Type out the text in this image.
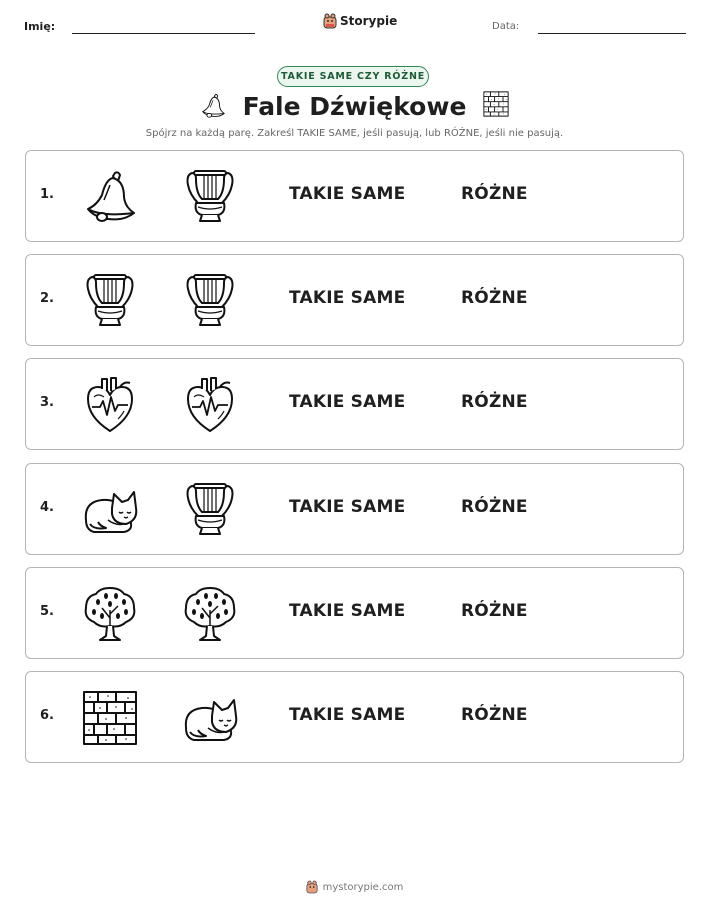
Imię:	Storypie	Data:
TAKIE SAME CZY RÓŻNE
Fale Dźwiękowe
Spójrz na każdą parę. Zakreśl TAKIE SAME, jeśli pasują, lub RÓŻNE, jeśli nie pasują.
1.	TAKIE SAME	RÓŻNE
2.	TAKIE SAME	RÓŻNE
3.	TAKIE SAME	RÓŻNE
4.	TAKIE SAME	RÓŻNE
5.	TAKIE SAME	RÓŻNE
6.	TAKIE SAME	RÓŻNE
mystorypie.com
